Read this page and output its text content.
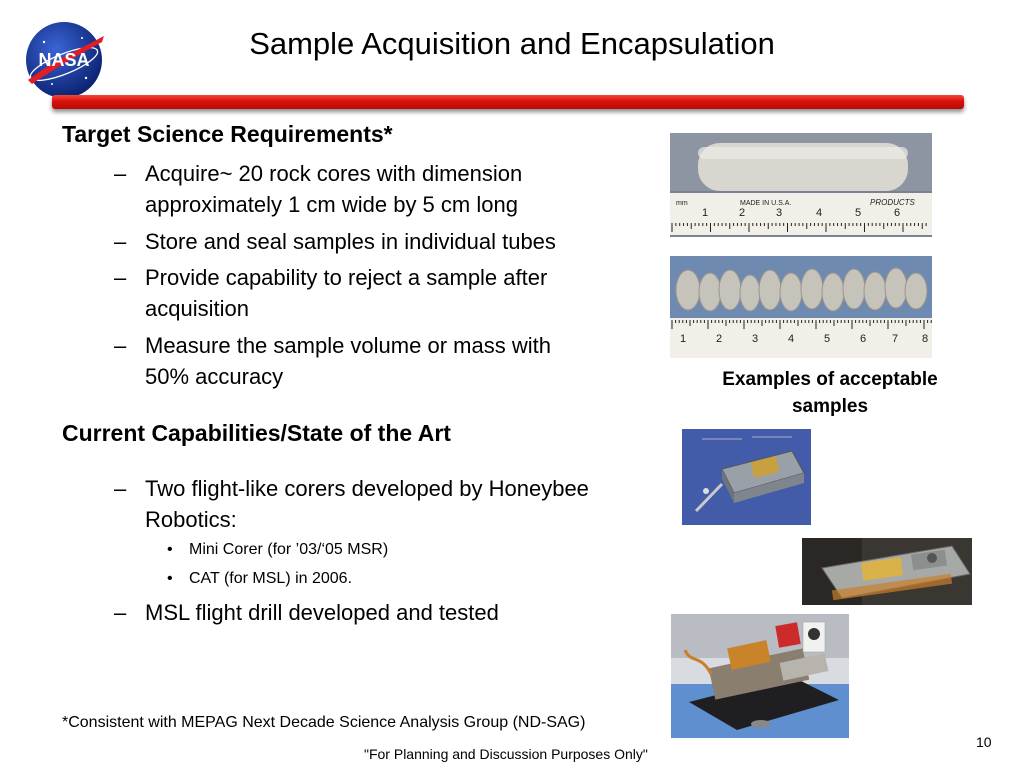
NASA	Sample Acquisition and Encapsulation
Target Science Requirements*
– Acquire~ 20 rock cores with dimension
approximately 1 cm wide by 5 cm long
– Store and seal samples in individual tubes
– Provide capability to reject a sample after
acquisition
– Measure the sample volume or mass with
50% accuracy
Current Capabilities/State of the Art
– Two flight-like corers developed by Honeybee
Robotics:
• Mini Corer (for ’03/‘05 MSR)
• CAT (for MSL) in 2006.
– MSL flight drill developed and tested
mm	MADE IN U.S.A.	PRODUCTS
1	2	3	4	5	6
1	2	3	4	5	6 7 8
Examples of acceptable
samples
*Consistent with MEPAG Next Decade Science Analysis Group (ND-SAG)
"For Planning and Discussion Purposes Only"
10
